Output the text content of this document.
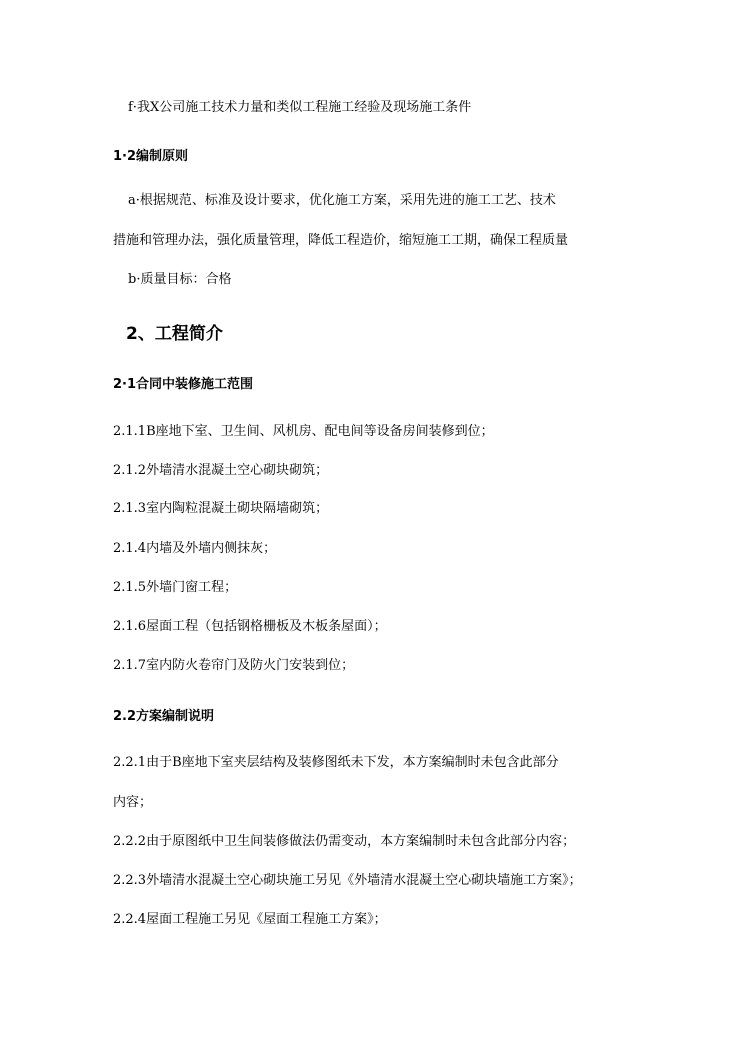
f·我X公司施工技术力量和类似工程施工经验及现场施工条件
1·2编制原则
a·根据规范、标准及设计要求，优化施工方案，采用先进的施工工艺、技术
措施和管理办法，强化质量管理，降低工程造价，缩短施工工期，确保工程质量
b·质量目标：合格
2、工程简介
2·1合同中装修施工范围
2.1.1B座地下室、卫生间、风机房、配电间等设备房间装修到位；
2.1.2外墙清水混凝土空心砌块砌筑；
2.1.3室内陶粒混凝土砌块隔墙砌筑；
2.1.4内墙及外墙内侧抹灰；
2.1.5外墙门窗工程；
2.1.6屋面工程（包括钢格栅板及木板条屋面）；
2.1.7室内防火卷帘门及防火门安装到位；
2.2方案编制说明
2.2.1由于B座地下室夹层结构及装修图纸未下发，本方案编制时未包含此部分
内容；
2.2.2由于原图纸中卫生间装修做法仍需变动，本方案编制时未包含此部分内容；
2.2.3外墙清水混凝土空心砌块施工另见《外墙清水混凝土空心砌块墙施工方案》；
2.2.4屋面工程施工另见《屋面工程施工方案》；
